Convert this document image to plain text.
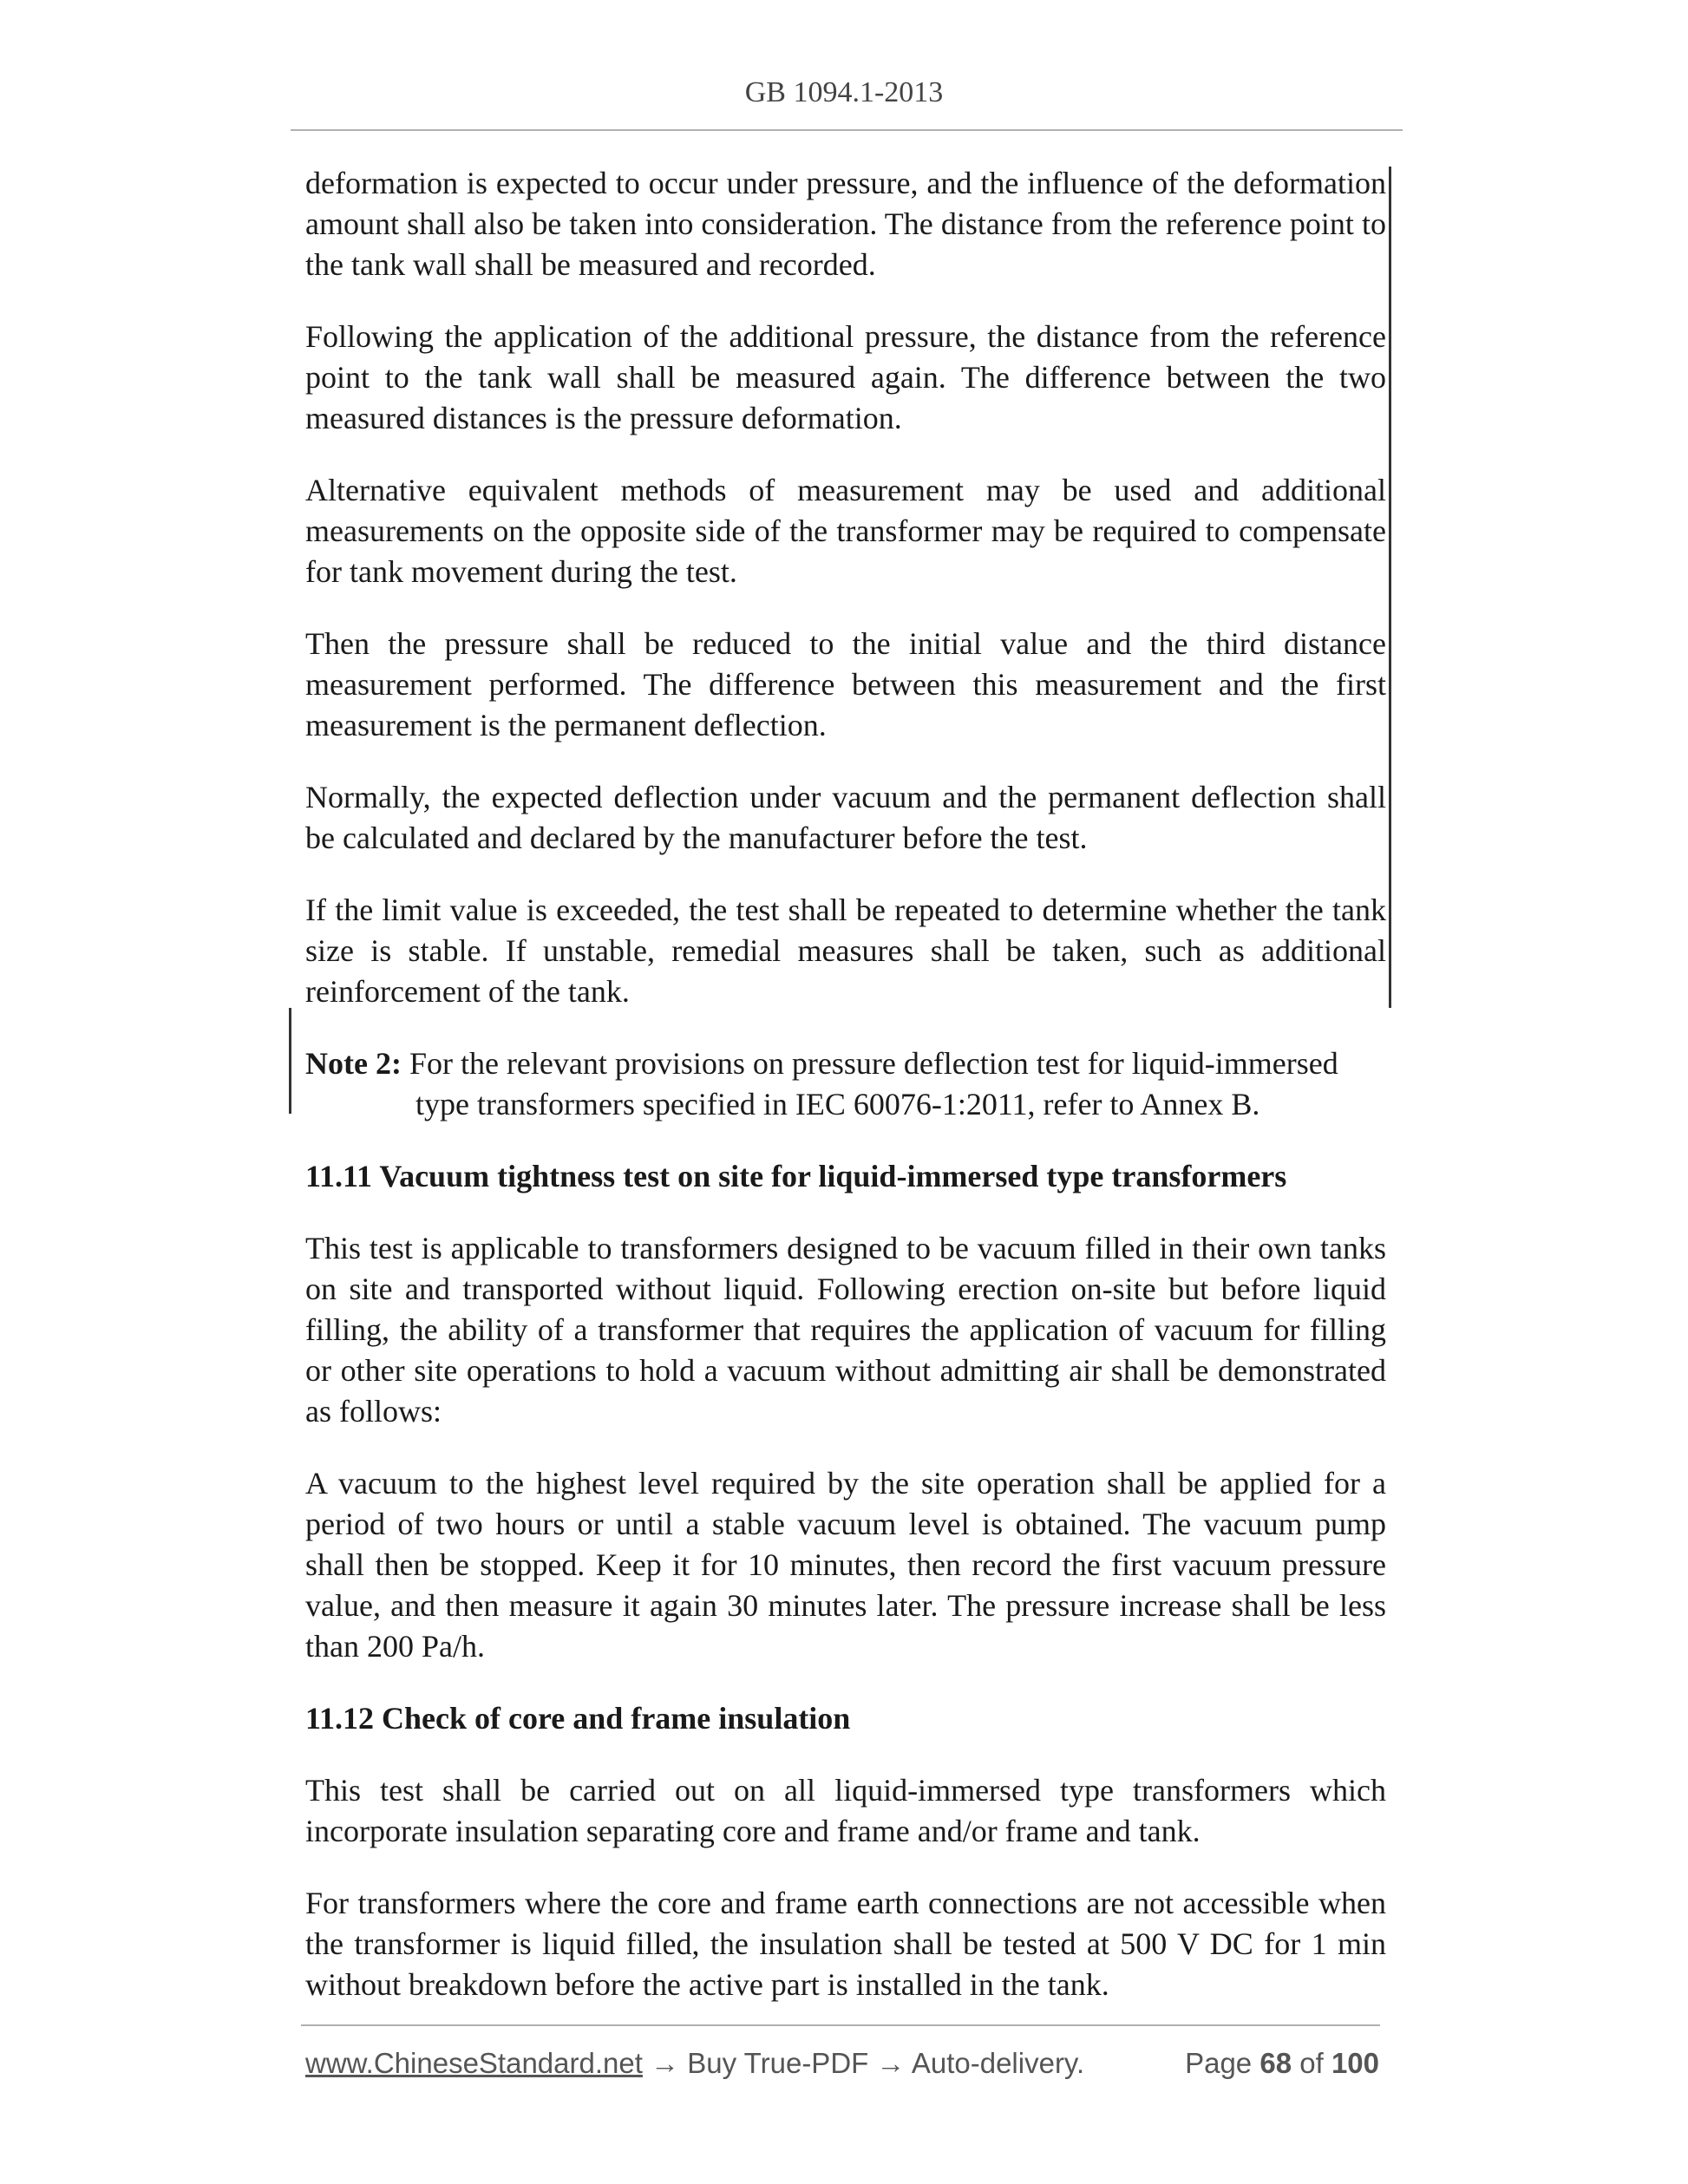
GB 1094.1-2013

deformation is expected to occur under pressure, and the influence of the deformation amount shall also be taken into consideration. The distance from the reference point to the tank wall shall be measured and recorded.

Following the application of the additional pressure, the distance from the reference point to the tank wall shall be measured again. The difference between the two measured distances is the pressure deformation.

Alternative equivalent methods of measurement may be used and additional measurements on the opposite side of the transformer may be required to compensate for tank movement during the test.

Then the pressure shall be reduced to the initial value and the third distance measurement performed. The difference between this measurement and the first measurement is the permanent deflection.

Normally, the expected deflection under vacuum and the permanent deflection shall be calculated and declared by the manufacturer before the test.

If the limit value is exceeded, the test shall be repeated to determine whether the tank size is stable. If unstable, remedial measures shall be taken, such as additional reinforcement of the tank.

Note 2: For the relevant provisions on pressure deflection test for liquid-immersed type transformers specified in IEC 60076-1:2011, refer to Annex B.

11.11 Vacuum tightness test on site for liquid-immersed type transformers

This test is applicable to transformers designed to be vacuum filled in their own tanks on site and transported without liquid. Following erection on-site but before liquid filling, the ability of a transformer that requires the application of vacuum for filling or other site operations to hold a vacuum without admitting air shall be demonstrated as follows:

A vacuum to the highest level required by the site operation shall be applied for a period of two hours or until a stable vacuum level is obtained. The vacuum pump shall then be stopped. Keep it for 10 minutes, then record the first vacuum pressure value, and then measure it again 30 minutes later. The pressure increase shall be less than 200 Pa/h.

11.12 Check of core and frame insulation

This test shall be carried out on all liquid-immersed type transformers which incorporate insulation separating core and frame and/or frame and tank.

For transformers where the core and frame earth connections are not accessible when the transformer is liquid filled, the insulation shall be tested at 500 V DC for 1 min without breakdown before the active part is installed in the tank.

www.ChineseStandard.net → Buy True-PDF → Auto-delivery.	Page 68 of 100
